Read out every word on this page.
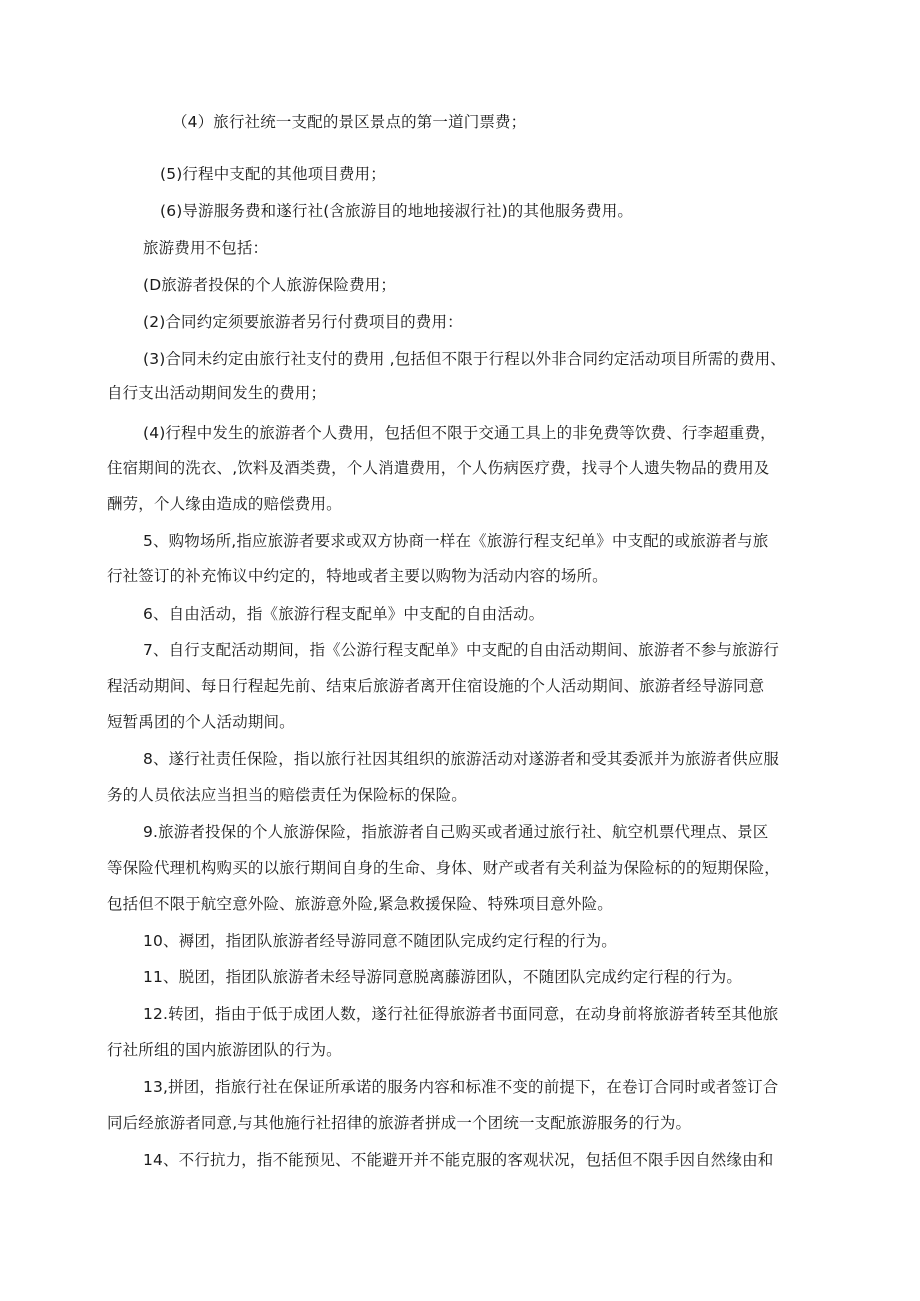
（4）旅行社统一支配的景区景点的第一道门票费；
(5)行程中支配的其他项目费用；
(6)导游服务费和遂行社(含旅游目的地地接淑行社)的其他服务费用。
旅游费用不包括：
(D旅游者投保的个人旅游保险费用；
(2)合同约定须要旅游者另行付费项目的费用：
(3)合同未约定由旅行社支付的费用 ,包括但不限于行程以外非合同约定活动项目所需的费用、
自行支出活动期间发生的费用；
(4)行程中发生的旅游者个人费用，包括但不限于交通工具上的非免费等饮费、行李超重费，
住宿期间的洗衣、,饮料及酒类费，个人消遣费用，个人伤病医疗费，找寻个人遗失物品的费用及
酬劳，个人缘由造成的赔偿费用。
5、购物场所,指应旅游者要求或双方协商一样在《旅游行程支纪单》中支配的或旅游者与旅
行社签订的补充怖议中约定的，特地或者主要以购物为活动内容的场所。
6、自由活动，指《旅游行程支配单》中支配的自由活动。
7、自行支配活动期间，指《公游行程支配单》中支配的自由活动期间、旅游者不参与旅游行
程活动期间、每日行程起先前、结束后旅游者离开住宿设施的个人活动期间、旅游者经导游同意
短暂禹团的个人活动期间。
8、遂行社责任保险，指以旅行社因其组织的旅游活动对遂游者和受其委派并为旅游者供应服
务的人员依法应当担当的赔偿责任为保险标的保险。
9.旅游者投保的个人旅游保险，指旅游者自己购买或者通过旅行社、航空机票代理点、景区
等保险代理机构购买的以旅行期间自身的生命、身体、财产或者有关利益为保险标的的短期保险，
包括但不限于航空意外险、旅游意外险,紧急救援保险、特殊项目意外险。
10、褥团，指团队旅游者经导游同意不随团队完成约定行程的行为。
11、脱团，指团队旅游者未经导游同意脱离藤游团队，不随团队完成约定行程的行为。
12.转团，指由于低于成团人数，遂行社征得旅游者书面同意，在动身前将旅游者转至其他旅
行社所组的国内旅游团队的行为。
13,拼团，指旅行社在保证所承诺的服务内容和标准不变的前提下，在卷订合同时或者签订合
同后经旅游者同意,与其他施行社招律的旅游者拼成一个团统一支配旅游服务的行为。
14、不行抗力，指不能预见、不能避开并不能克服的客观状况，包括但不限手因自然缘由和
